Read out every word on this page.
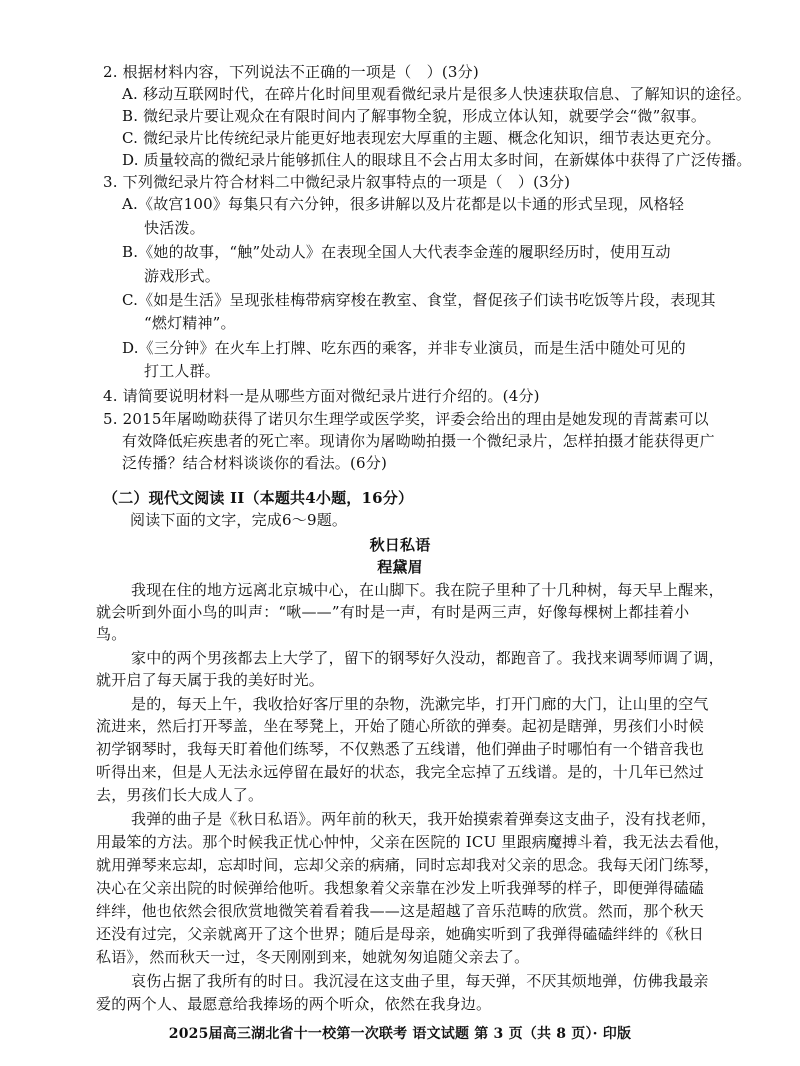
2. 根据材料内容，下列说法不正确的一项是（　）(3分)
A. 移动互联网时代，在碎片化时间里观看微纪录片是很多人快速获取信息、了解知识的途径。
B. 微纪录片要让观众在有限时间内了解事物全貌，形成立体认知，就要学会“微”叙事。
C. 微纪录片比传统纪录片能更好地表现宏大厚重的主题、概念化知识，细节表达更充分。
D. 质量较高的微纪录片能够抓住人的眼球且不会占用太多时间，在新媒体中获得了广泛传播。
3. 下列微纪录片符合材料二中微纪录片叙事特点的一项是（　）(3分)
A.《故宫100》每集只有六分钟，很多讲解以及片花都是以卡通的形式呈现，风格轻
快活泼。
B.《她的故事，“触”处动人》在表现全国人大代表李金莲的履职经历时，使用互动
游戏形式。
C.《如是生活》呈现张桂梅带病穿梭在教室、食堂，督促孩子们读书吃饭等片段，表现其
“燃灯精神”。
D.《三分钟》在火车上打牌、吃东西的乘客，并非专业演员，而是生活中随处可见的
打工人群。
4. 请简要说明材料一是从哪些方面对微纪录片进行介绍的。(4分)
5. 2015年屠呦呦获得了诺贝尔生理学或医学奖，评委会给出的理由是她发现的青蒿素可以
有效降低疟疾患者的死亡率。现请你为屠呦呦拍摄一个微纪录片，怎样拍摄才能获得更广
泛传播？结合材料谈谈你的看法。(6分)
（二）现代文阅读 II（本题共4小题，16分）
阅读下面的文字，完成6～9题。
秋日私语
程黛眉
我现在住的地方远离北京城中心，在山脚下。我在院子里种了十几种树，每天早上醒来，
就会听到外面小鸟的叫声：“啾——”有时是一声，有时是两三声，好像每棵树上都挂着小
鸟。
家中的两个男孩都去上大学了，留下的钢琴好久没动，都跑音了。我找来调琴师调了调，
就开启了每天属于我的美好时光。
是的，每天上午，我收拾好客厅里的杂物，洗漱完毕，打开门廊的大门，让山里的空气
流进来，然后打开琴盖，坐在琴凳上，开始了随心所欲的弹奏。起初是瞎弹，男孩们小时候
初学钢琴时，我每天盯着他们练琴，不仅熟悉了五线谱，他们弹曲子时哪怕有一个错音我也
听得出来，但是人无法永远停留在最好的状态，我完全忘掉了五线谱。是的，十几年已然过
去，男孩们长大成人了。
我弹的曲子是《秋日私语》。两年前的秋天，我开始摸索着弹奏这支曲子，没有找老师，
用最笨的方法。那个时候我正忧心忡忡，父亲在医院的 ICU 里跟病魔搏斗着，我无法去看他，
就用弹琴来忘却，忘却时间，忘却父亲的病痛，同时忘却我对父亲的思念。我每天闭门练琴，
决心在父亲出院的时候弹给他听。我想象着父亲靠在沙发上听我弹琴的样子，即便弹得磕磕
绊绊，他也依然会很欣赏地微笑着看着我——这是超越了音乐范畴的欣赏。然而，那个秋天
还没有过完，父亲就离开了这个世界；随后是母亲，她确实听到了我弹得磕磕绊绊的《秋日
私语》，然而秋天一过，冬天刚刚到来，她就匆匆追随父亲去了。
哀伤占据了我所有的时日。我沉浸在这支曲子里，每天弹，不厌其烦地弹，仿佛我最亲
爱的两个人、最愿意给我捧场的两个听众，依然在我身边。
2025届高三湖北省十一校第一次联考 语文试题 第 3 页（共 8 页）· 印版
